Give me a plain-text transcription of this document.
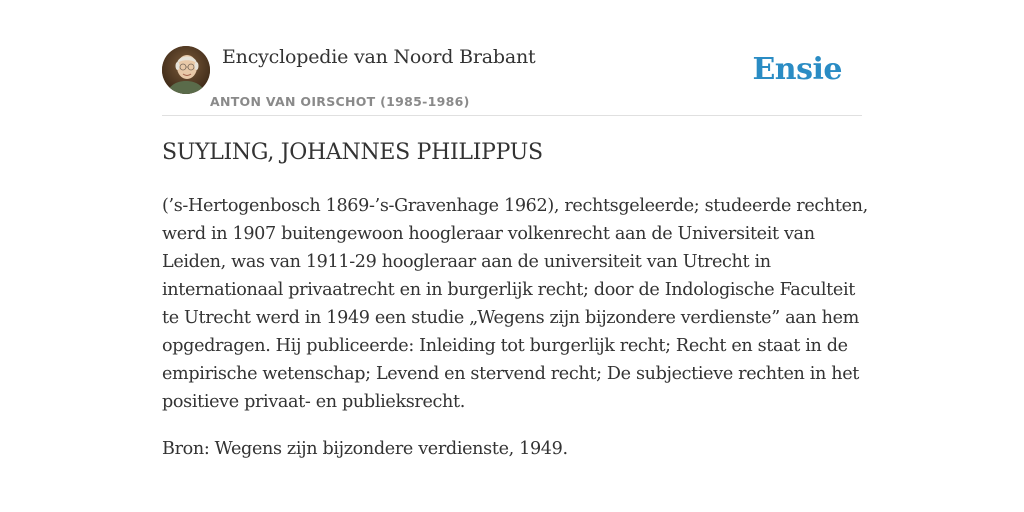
Encyclopedie van Noord Brabant
ANTON VAN OIRSCHOT (1985-1986)
Ensie
SUYLING, JOHANNES PHILIPPUS

(’s-Hertogenbosch 1869-’s-Gravenhage 1962), rechtsgeleerde; studeerde rechten,
werd in 1907 buitengewoon hoogleraar volkenrecht aan de Universiteit van
Leiden, was van 1911-29 hoogleraar aan de universiteit van Utrecht in
internationaal privaatrecht en in burgerlijk recht; door de Indologische Faculteit
te Utrecht werd in 1949 een studie „Wegens zijn bijzondere verdienste” aan hem
opgedragen. Hij publiceerde: Inleiding tot burgerlijk recht; Recht en staat in de
empirische wetenschap; Levend en stervend recht; De subjectieve rechten in het
positieve privaat- en publieksrecht.

Bron: Wegens zijn bijzondere verdienste, 1949.
